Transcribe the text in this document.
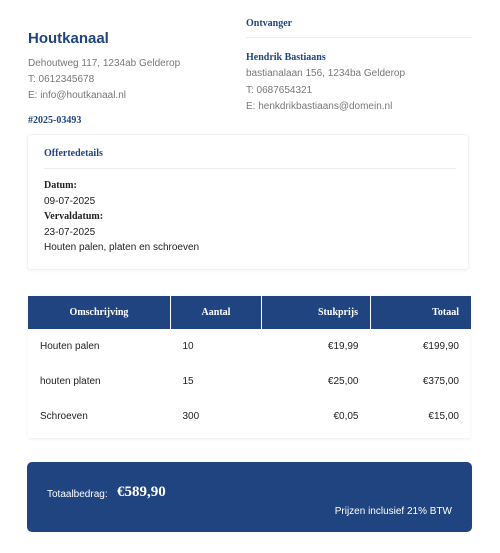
Houtkanaal
Dehoutweg 117, 1234ab Gelderop
T: 0612345678
E: info@houtkanaal.nl
Ontvanger
Hendrik Bastiaans
bastianalaan 156, 1234ba Gelderop
T: 0687654321
E: henkdrikbastiaans@domein.nl
#2025-03493
Offertedetails
Datum:
09-07-2025
Vervaldatum:
23-07-2025
Houten palen, platen en schroeven
Omschrijving	Aantal	Stukprijs	Totaal
Houten palen	10	€19,99	€199,90
houten platen	15	€25,00	€375,00
Schroeven	300	€0,05	€15,00
Totaalbedrag: €589,90
Prijzen inclusief 21% BTW
